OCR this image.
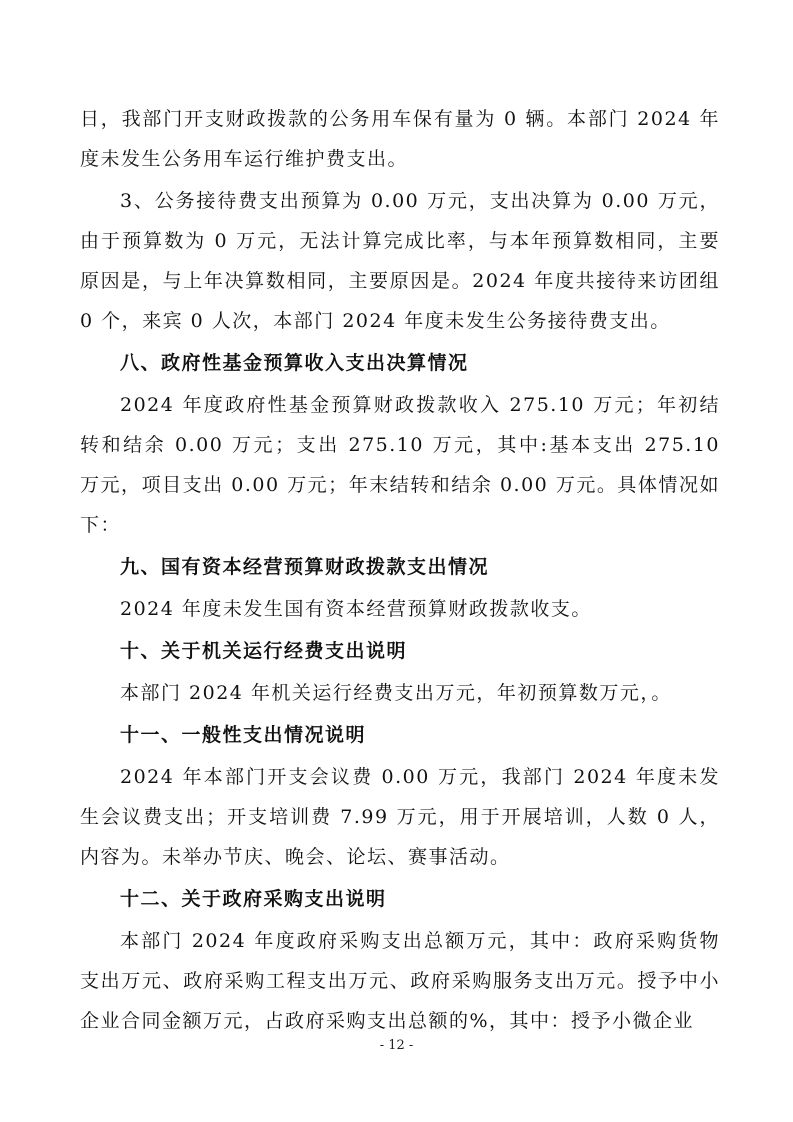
日，我部门开支财政拨款的公务用车保有量为 0 辆。本部门 2024 年度未发生公务用车运行维护费支出。

3、公务接待费支出预算为 0.00 万元，支出决算为 0.00 万元，由于预算数为 0 万元，无法计算完成比率，与本年预算数相同，主要原因是，与上年决算数相同，主要原因是。2024 年度共接待来访团组 0 个，来宾 0 人次，本部门 2024 年度未发生公务接待费支出。

八、政府性基金预算收入支出决算情况

2024 年度政府性基金预算财政拨款收入 275.10 万元；年初结转和结余 0.00 万元；支出 275.10 万元，其中:基本支出 275.10 万元，项目支出 0.00 万元；年末结转和结余 0.00 万元。具体情况如下：

九、国有资本经营预算财政拨款支出情况

2024 年度未发生国有资本经营预算财政拨款收支。

十、关于机关运行经费支出说明

本部门 2024 年机关运行经费支出万元，年初预算数万元，。

十一、一般性支出情况说明

2024 年本部门开支会议费 0.00 万元，我部门 2024 年度未发生会议费支出；开支培训费 7.99 万元，用于开展培训，人数 0 人，内容为。未举办节庆、晚会、论坛、赛事活动。

十二、关于政府采购支出说明

本部门 2024 年度政府采购支出总额万元，其中：政府采购货物支出万元、政府采购工程支出万元、政府采购服务支出万元。授予中小企业合同金额万元，占政府采购支出总额的%，其中：授予小微企业

- 12 -
